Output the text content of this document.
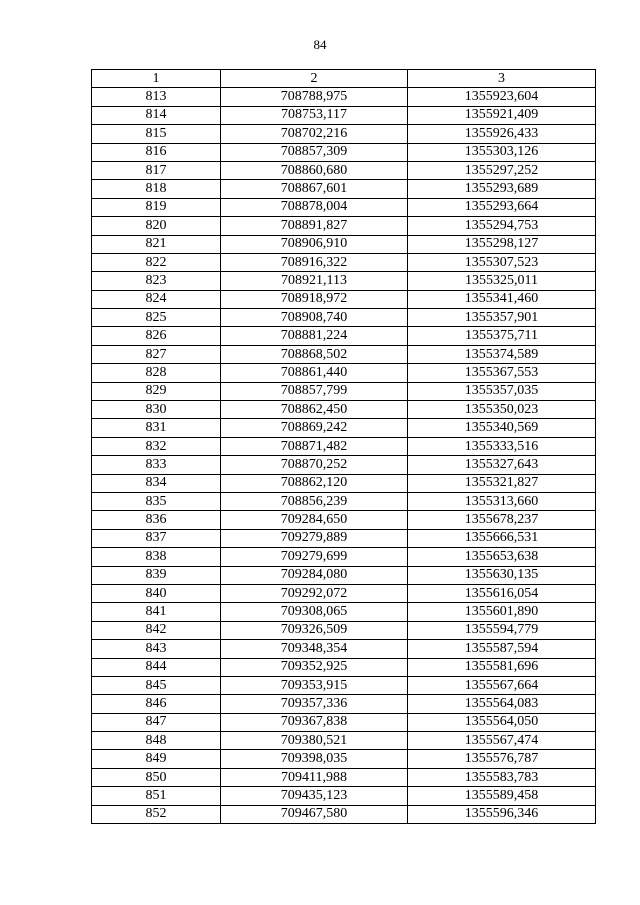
84
1	2	3
813	708788,975	1355923,604
814	708753,117	1355921,409
815	708702,216	1355926,433
816	708857,309	1355303,126
817	708860,680	1355297,252
818	708867,601	1355293,689
819	708878,004	1355293,664
820	708891,827	1355294,753
821	708906,910	1355298,127
822	708916,322	1355307,523
823	708921,113	1355325,011
824	708918,972	1355341,460
825	708908,740	1355357,901
826	708881,224	1355375,711
827	708868,502	1355374,589
828	708861,440	1355367,553
829	708857,799	1355357,035
830	708862,450	1355350,023
831	708869,242	1355340,569
832	708871,482	1355333,516
833	708870,252	1355327,643
834	708862,120	1355321,827
835	708856,239	1355313,660
836	709284,650	1355678,237
837	709279,889	1355666,531
838	709279,699	1355653,638
839	709284,080	1355630,135
840	709292,072	1355616,054
841	709308,065	1355601,890
842	709326,509	1355594,779
843	709348,354	1355587,594
844	709352,925	1355581,696
845	709353,915	1355567,664
846	709357,336	1355564,083
847	709367,838	1355564,050
848	709380,521	1355567,474
849	709398,035	1355576,787
850	709411,988	1355583,783
851	709435,123	1355589,458
852	709467,580	1355596,346
